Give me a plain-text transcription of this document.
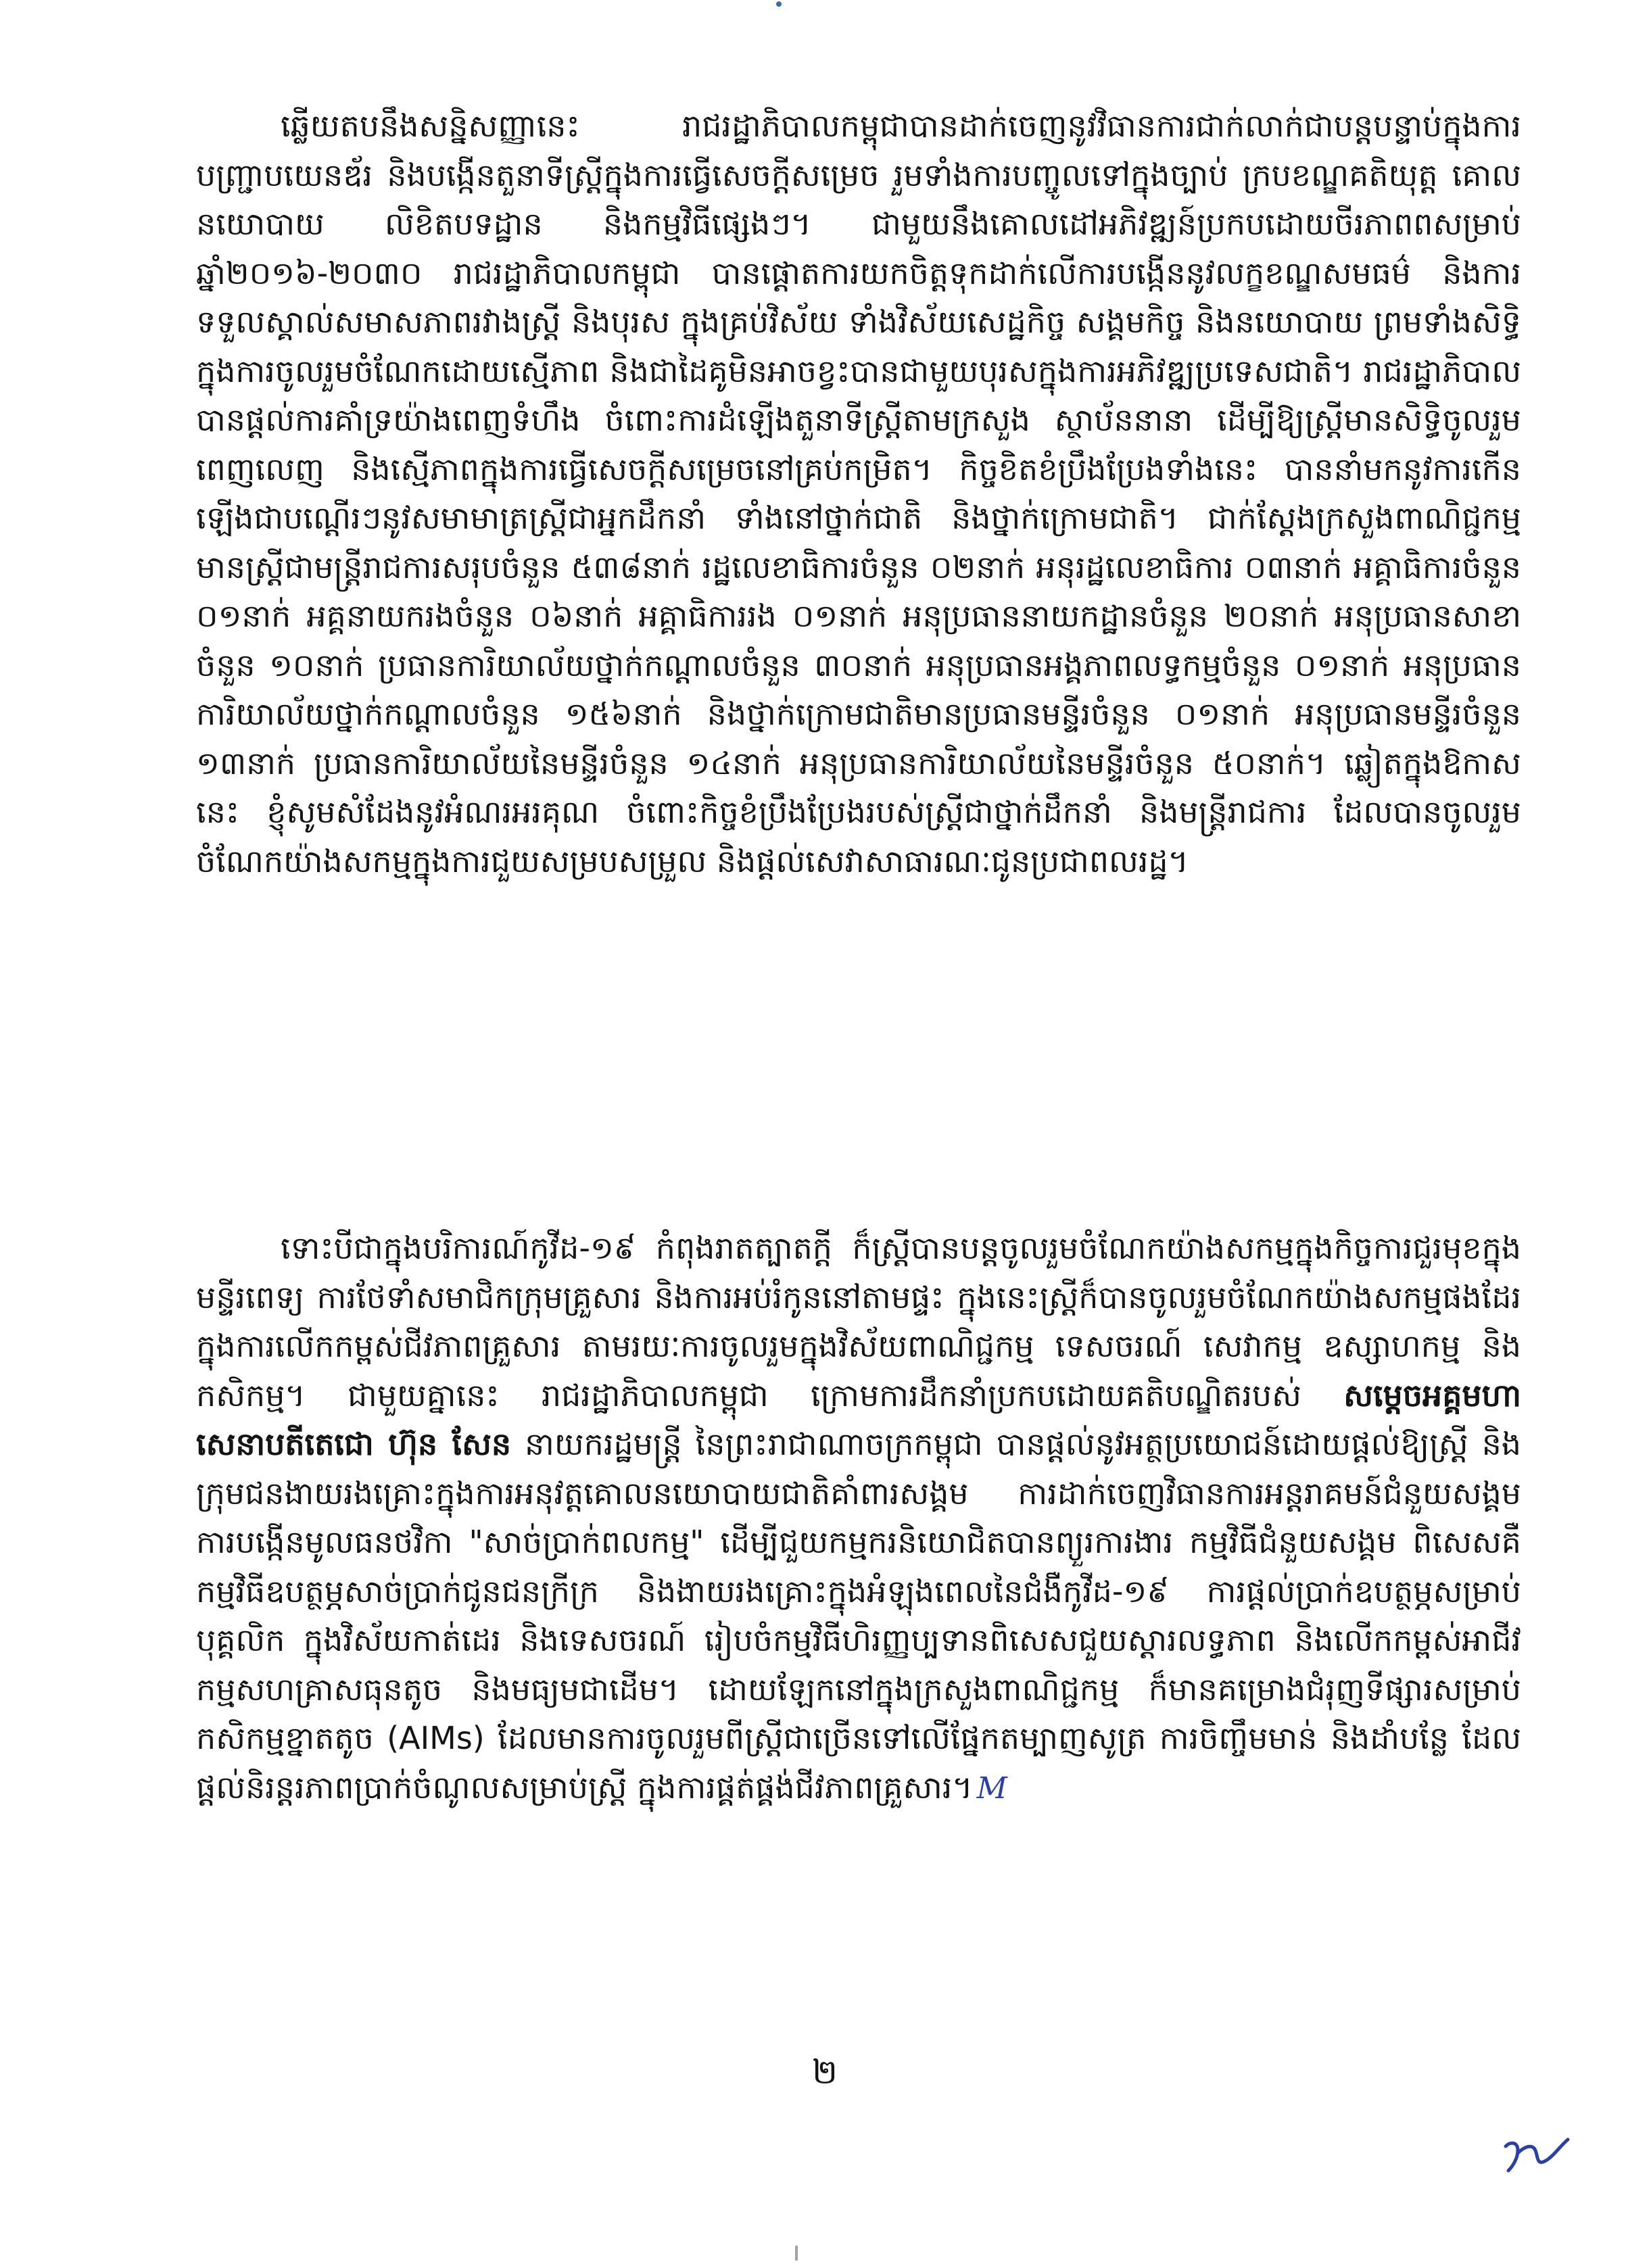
ឆ្លើយតបនឹងសន្និសញ្ញានេះ រាជរដ្ឋាភិបាលកម្ពុជាបានដាក់ចេញនូវវិធានការជាក់លាក់ជាបន្តបន្ទាប់ក្នុងការបញ្ជ្រាបយេនឌ័រ និងបង្កើនតួនាទីស្ត្រីក្នុងការធ្វើសេចក្តីសម្រេច រួមទាំងការបញ្ចូលទៅក្នុងច្បាប់ ក្របខណ្ឌគតិយុត្ត គោលនយោបាយ លិខិតបទដ្ឋាន និងកម្មវិធីផ្សេងៗ។ ជាមួយនឹងគោលដៅអភិវឌ្ឍន៍ប្រកបដោយចីរភាពពសម្រាប់ឆ្នាំ២០១៦-២០៣០ រាជរដ្ឋាភិបាលកម្ពុជា បានផ្តោតការយកចិត្តទុកដាក់លើការបង្កើននូវលក្ខខណ្ឌសមធម៌ និងការទទួលស្គាល់សមាសភាពរវាងស្ត្រី និងបុរស ក្នុងគ្រប់វិស័យ ទាំងវិស័យសេដ្ឋកិច្ច សង្គមកិច្ច និងនយោបាយ ព្រមទាំងសិទ្ធិក្នុងការចូលរួមចំណែកដោយស្មើភាព និងជាដៃគូមិនអាចខ្វះបានជាមួយបុរសក្នុងការអភិវឌ្ឍប្រទេសជាតិ។ រាជរដ្ឋាភិបាលបានផ្តល់ការគាំទ្រយ៉ាងពេញទំហឹង ចំពោះការដំឡើងតួនាទីស្ត្រីតាមក្រសួង ស្ថាប័ននានា ដើម្បីឱ្យស្ត្រីមានសិទ្ធិចូលរួមពេញលេញ និងស្មើភាពក្នុងការធ្វើសេចក្តីសម្រេចនៅគ្រប់កម្រិត។ កិច្ចខិតខំប្រឹងប្រែងទាំងនេះ បាននាំមកនូវការកើនឡើងជាបណ្តើរៗនូវសមាមាត្រស្ត្រីជាអ្នកដឹកនាំ ទាំងនៅថ្នាក់ជាតិ និងថ្នាក់ក្រោមជាតិ។ ជាក់ស្តែងក្រសួងពាណិជ្ជកម្ម មានស្ត្រីជាមន្ត្រីរាជការសរុបចំនួន ៥៣៨នាក់ រដ្ឋលេខាធិការចំនួន ០២នាក់ អនុរដ្ឋលេខាធិការ ០៣នាក់ អគ្គាធិការចំនួន ០១នាក់ អគ្គនាយករងចំនួន ០៦នាក់ អគ្គាធិការរង ០១នាក់ អនុប្រធាននាយកដ្ឋានចំនួន ២០នាក់ អនុប្រធានសាខាចំនួន ១០នាក់ ប្រធានការិយាល័យថ្នាក់កណ្តាលចំនួន ៣០នាក់ អនុប្រធានអង្គភាពលទ្ធកម្មចំនួន ០១នាក់ អនុប្រធានការិយាល័យថ្នាក់កណ្តាលចំនួន ១៥៦នាក់ និងថ្នាក់ក្រោមជាតិមានប្រធានមន្ទីរចំនួន ០១នាក់ អនុប្រធានមន្ទីរចំនួន ១៣នាក់ ប្រធានការិយាល័យនៃមន្ទីរចំនួន ១៤នាក់ អនុប្រធានការិយាល័យនៃមន្ទីរចំនួន ៥០នាក់។ ឆ្លៀតក្នុងឱកាសនេះ ខ្ញុំសូមសំដែងនូវអំណរអរគុណ ចំពោះកិច្ចខំប្រឹងប្រែងរបស់ស្ត្រីជាថ្នាក់ដឹកនាំ និងមន្ត្រីរាជការ ដែលបានចូលរួមចំណែកយ៉ាងសកម្មក្នុងការជួយសម្របសម្រួល និងផ្តល់សេវាសាធារណៈជូនប្រជាពលរដ្ឋ។

ទោះបីជាក្នុងបរិការណ៍កូវីដ-១៩ កំពុងរាតត្បាតក្តី ក៏ស្ត្រីបានបន្តចូលរួមចំណែកយ៉ាងសកម្មក្នុងកិច្ចការជួរមុខក្នុងមន្ទីរពេទ្យ ការថែទាំសមាជិកក្រុមគ្រួសារ និងការអប់រំកូននៅតាមផ្ទះ ក្នុងនេះស្ត្រីក៏បានចូលរួមចំណែកយ៉ាងសកម្មផងដែរក្នុងការលើកកម្ពស់ជីវភាពគ្រួសារ តាមរយៈការចូលរួមក្នុងវិស័យពាណិជ្ជកម្ម ទេសចរណ៍ សេវាកម្ម ឧស្សាហកម្ម និងកសិកម្ម។ ជាមួយគ្នានេះ រាជរដ្ឋាភិបាលកម្ពុជា ក្រោមការដឹកនាំប្រកបដោយគតិបណ្ឌិតរបស់ សម្តេចអគ្គមហាសេនាបតីតេជោ ហ៊ុន សែន នាយករដ្ឋមន្ត្រី នៃព្រះរាជាណាចក្រកម្ពុជា បានផ្តល់នូវអត្ថប្រយោជន៍ដោយផ្តល់ឱ្យស្ត្រី និងក្រុមជនងាយរងគ្រោះក្នុងការអនុវត្តគោលនយោបាយជាតិគាំពារសង្គម ការដាក់ចេញវិធានការអន្តរាគមន៍ជំនួយសង្គម ការបង្កើនមូលធនថវិកា "សាច់ប្រាក់ពលកម្ម" ដើម្បីជួយកម្មករនិយោជិតបានព្យួរការងារ កម្មវិធីជំនួយសង្គម ពិសេសគឺកម្មវិធីឧបត្ថម្ភសាច់ប្រាក់ជូនជនក្រីក្រ និងងាយរងគ្រោះក្នុងអំឡុងពេលនៃជំងឺកូវីដ-១៩ ការផ្តល់ប្រាក់ឧបត្ថម្ភសម្រាប់បុគ្គលិក ក្នុងវិស័យកាត់ដេរ និងទេសចរណ៍ រៀបចំកម្មវិធីហិរញ្ញប្បទានពិសេសជួយស្តារលទ្ធភាព និងលើកកម្ពស់អាជីវកម្មសហគ្រាសធុនតូច និងមធ្យមជាដើម។ ដោយឡែកនៅក្នុងក្រសួងពាណិជ្ជកម្ម ក៏មានគម្រោងជំរុញទីផ្សារសម្រាប់កសិកម្មខ្នាតតូច (AIMs) ដែលមានការចូលរួមពីស្ត្រីជាច្រើនទៅលើផ្នែកតម្បាញសូត្រ ការចិញ្ចឹមមាន់ និងដាំបន្លែ ដែលផ្តល់និរន្តរភាពប្រាក់ចំណូលសម្រាប់ស្ត្រី ក្នុងការផ្គត់ផ្គង់ជីវភាពគ្រួសារ។ M

២
